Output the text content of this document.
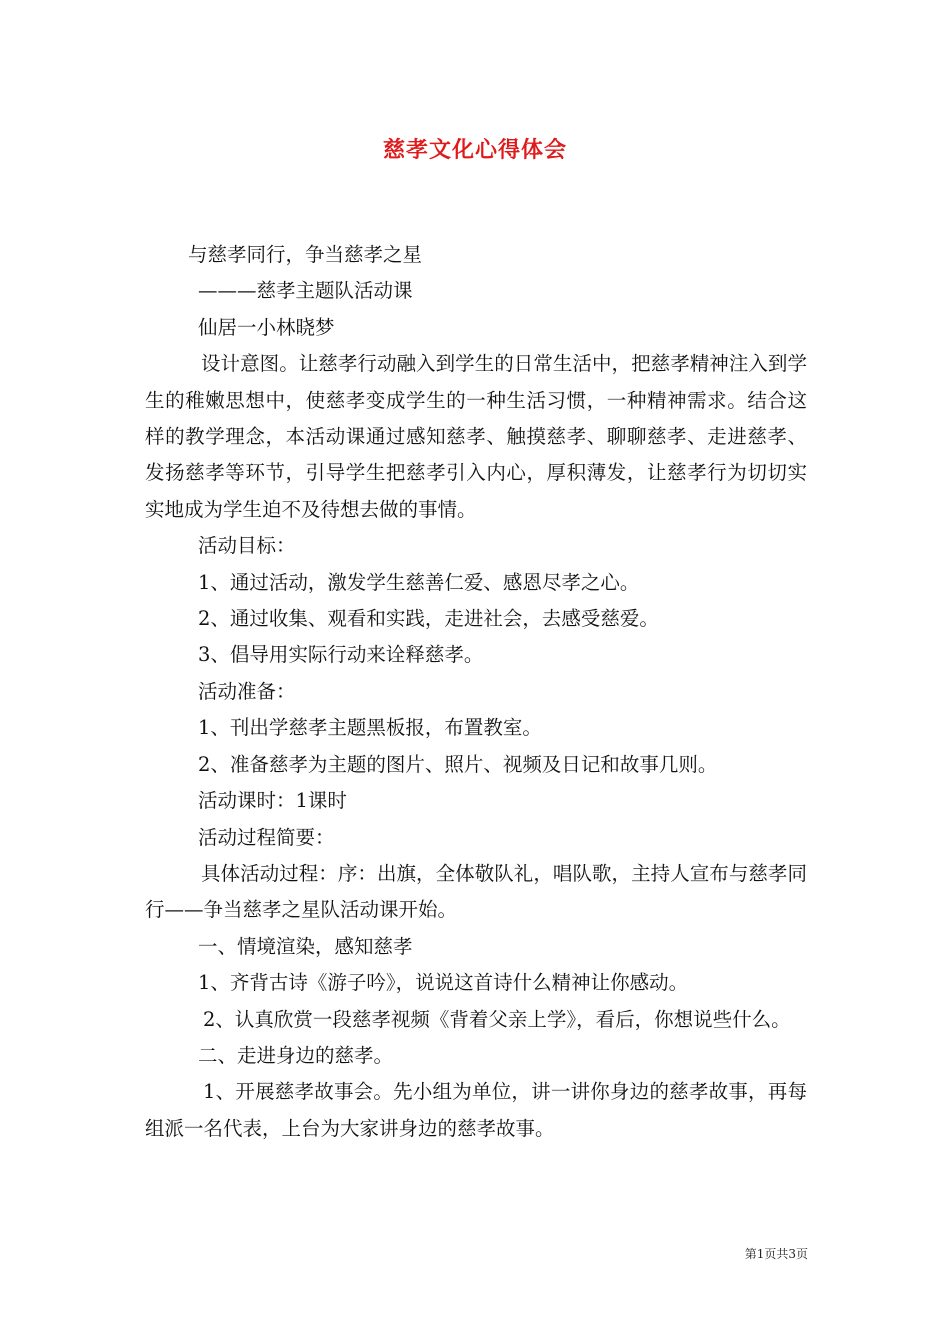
慈孝文化心得体会

与慈孝同行，争当慈孝之星

———慈孝主题队活动课

仙居一小林晓梦

设计意图。让慈孝行动融入到学生的日常生活中，把慈孝精神注入到学生的稚嫩思想中，使慈孝变成学生的一种生活习惯，一种精神需求。结合这样的教学理念，本活动课通过感知慈孝、触摸慈孝、聊聊慈孝、走进慈孝、发扬慈孝等环节，引导学生把慈孝引入内心，厚积薄发，让慈孝行为切切实实地成为学生迫不及待想去做的事情。

活动目标：

1、通过活动，激发学生慈善仁爱、感恩尽孝之心。

2、通过收集、观看和实践，走进社会，去感受慈爱。

3、倡导用实际行动来诠释慈孝。

活动准备：

1、刊出学慈孝主题黑板报，布置教室。

2、准备慈孝为主题的图片、照片、视频及日记和故事几则。

活动课时：1课时

活动过程简要：

具体活动过程：序：出旗，全体敬队礼，唱队歌，主持人宣布与慈孝同行——争当慈孝之星队活动课开始。

一、情境渲染，感知慈孝

1、齐背古诗《游子吟》，说说这首诗什么精神让你感动。

2、认真欣赏一段慈孝视频《背着父亲上学》，看后，你想说些什么。

二、走进身边的慈孝。

1、开展慈孝故事会。先小组为单位，讲一讲你身边的慈孝故事，再每组派一名代表，上台为大家讲身边的慈孝故事。

第1页共3页
